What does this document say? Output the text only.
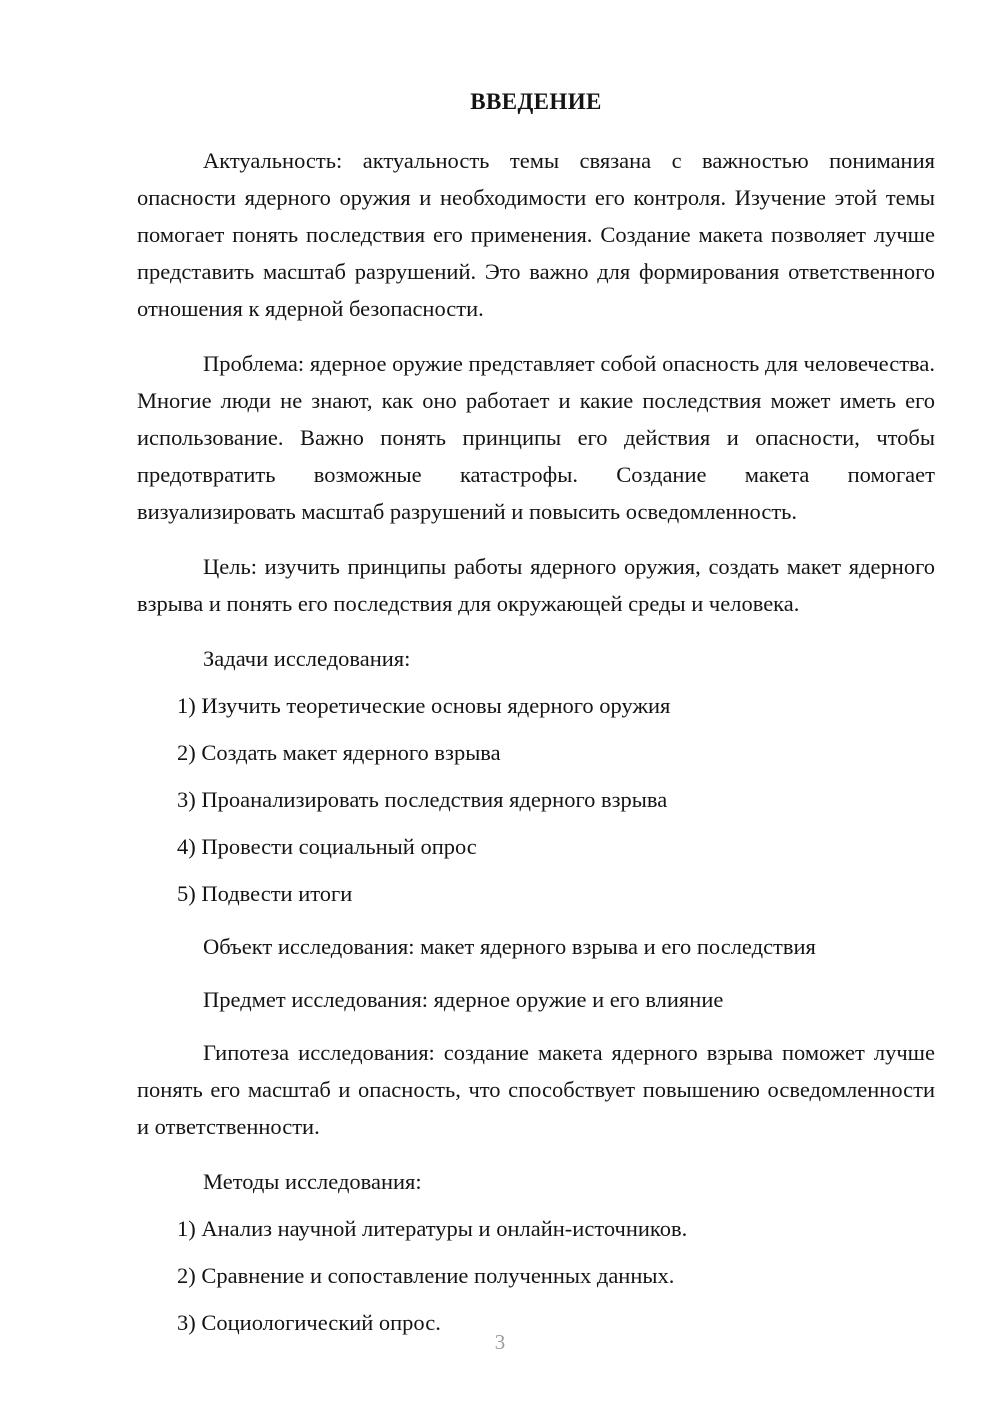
ВВЕДЕНИЕ

Актуальность: актуальность темы связана с важностью понимания опасности ядерного оружия и необходимости его контроля. Изучение этой темы помогает понять последствия его применения. Создание макета позволяет лучше представить масштаб разрушений. Это важно для формирования ответственного отношения к ядерной безопасности.

Проблема: ядерное оружие представляет собой опасность для человечества. Многие люди не знают, как оно работает и какие последствия может иметь его использование. Важно понять принципы его действия и опасности, чтобы предотвратить возможные катастрофы. Создание макета помогает визуализировать масштаб разрушений и повысить осведомленность.

Цель: изучить принципы работы ядерного оружия, создать макет ядерного взрыва и понять его последствия для окружающей среды и человека.

Задачи исследования:

1) Изучить теоретические основы ядерного оружия
2) Создать макет ядерного взрыва
3) Проанализировать последствия ядерного взрыва
4) Провести социальный опрос
5) Подвести итоги

Объект исследования: макет ядерного взрыва и его последствия

Предмет исследования: ядерное оружие и его влияние

Гипотеза исследования: создание макета ядерного взрыва поможет лучше понять его масштаб и опасность, что способствует повышению осведомленности и ответственности.

Методы исследования:

1) Анализ научной литературы и онлайн-источников.
2) Сравнение и сопоставление полученных данных.
3) Социологический опрос.
3
